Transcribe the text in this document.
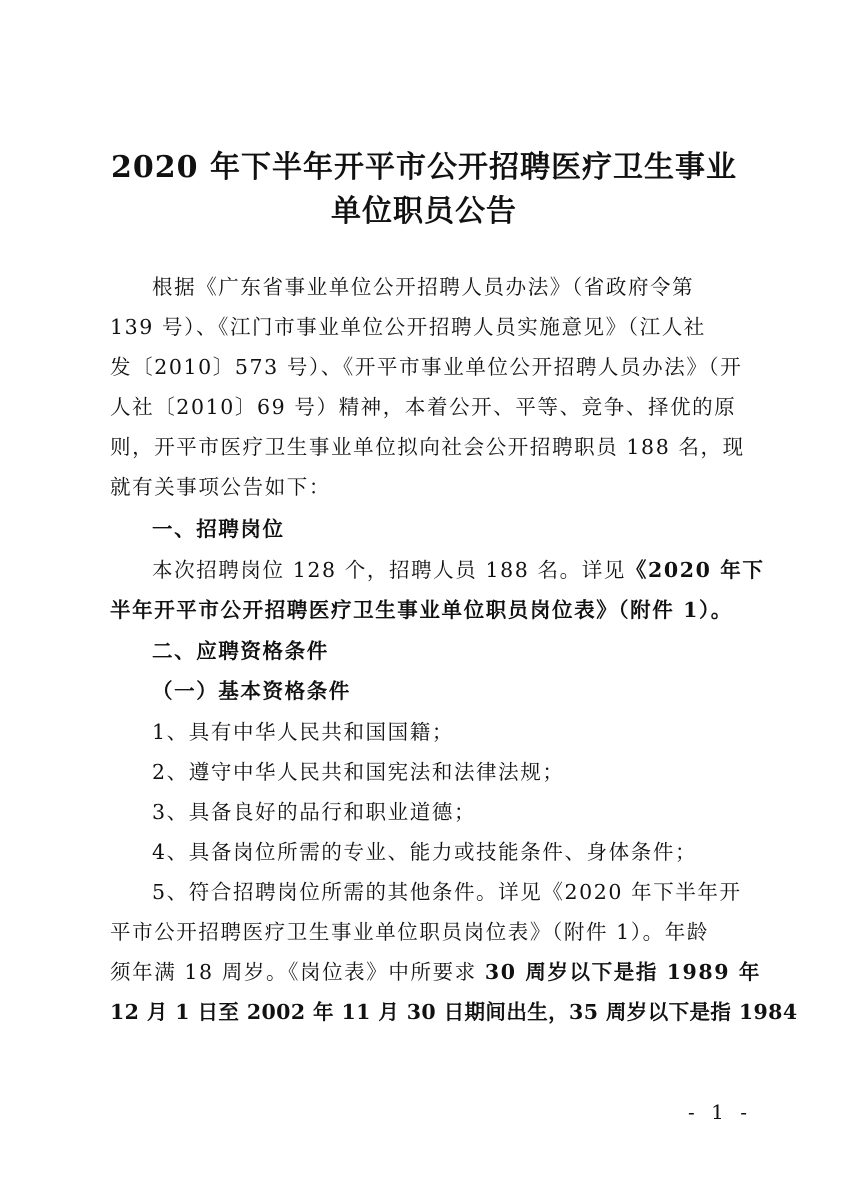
2020 年下半年开平市公开招聘医疗卫生事业
单位职员公告
根据《广东省事业单位公开招聘人员办法》（省政府令第
139 号）、《江门市事业单位公开招聘人员实施意见》（江人社
发〔2010〕573 号）、《开平市事业单位公开招聘人员办法》（开
人社〔2010〕69 号）精神，本着公开、平等、竞争、择优的原
则，开平市医疗卫生事业单位拟向社会公开招聘职员 188 名，现
就有关事项公告如下：
一、招聘岗位
本次招聘岗位 128 个，招聘人员 188 名。详见《2020 年下
半年开平市公开招聘医疗卫生事业单位职员岗位表》（附件 1）。
二、应聘资格条件
（一）基本资格条件
1、具有中华人民共和国国籍；
2、遵守中华人民共和国宪法和法律法规；
3、具备良好的品行和职业道德；
4、具备岗位所需的专业、能力或技能条件、身体条件；
5、符合招聘岗位所需的其他条件。详见《2020 年下半年开
平市公开招聘医疗卫生事业单位职员岗位表》（附件 1）。年龄
须年满 18 周岁。《岗位表》中所要求 30 周岁以下是指 1989 年
12 月 1 日至 2002 年 11 月 30 日期间出生，35 周岁以下是指 1984
- 1 -
